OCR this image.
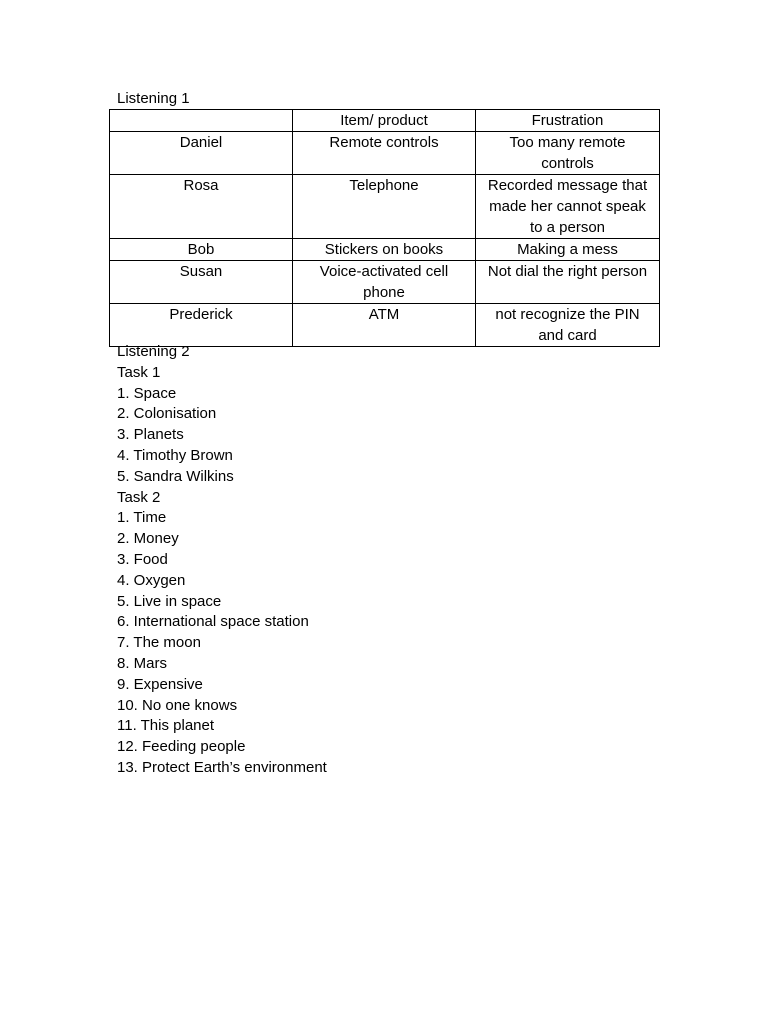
Listening 1
	Item/ product	Frustration
Daniel	Remote controls	Too many remote controls
Rosa	Telephone	Recorded message that made her cannot speak to a person
Bob	Stickers on books	Making a mess
Susan	Voice-activated cell phone	Not dial the right person
Prederick	ATM	not recognize the PIN and card
Listening 2
Task 1
1. Space
2. Colonisation
3. Planets
4. Timothy Brown
5. Sandra Wilkins
Task 2
1. Time
2. Money
3. Food
4. Oxygen
5. Live in space
6. International space station
7. The moon
8. Mars
9. Expensive
10. No one knows
11. This planet
12. Feeding people
13. Protect Earth’s environment
